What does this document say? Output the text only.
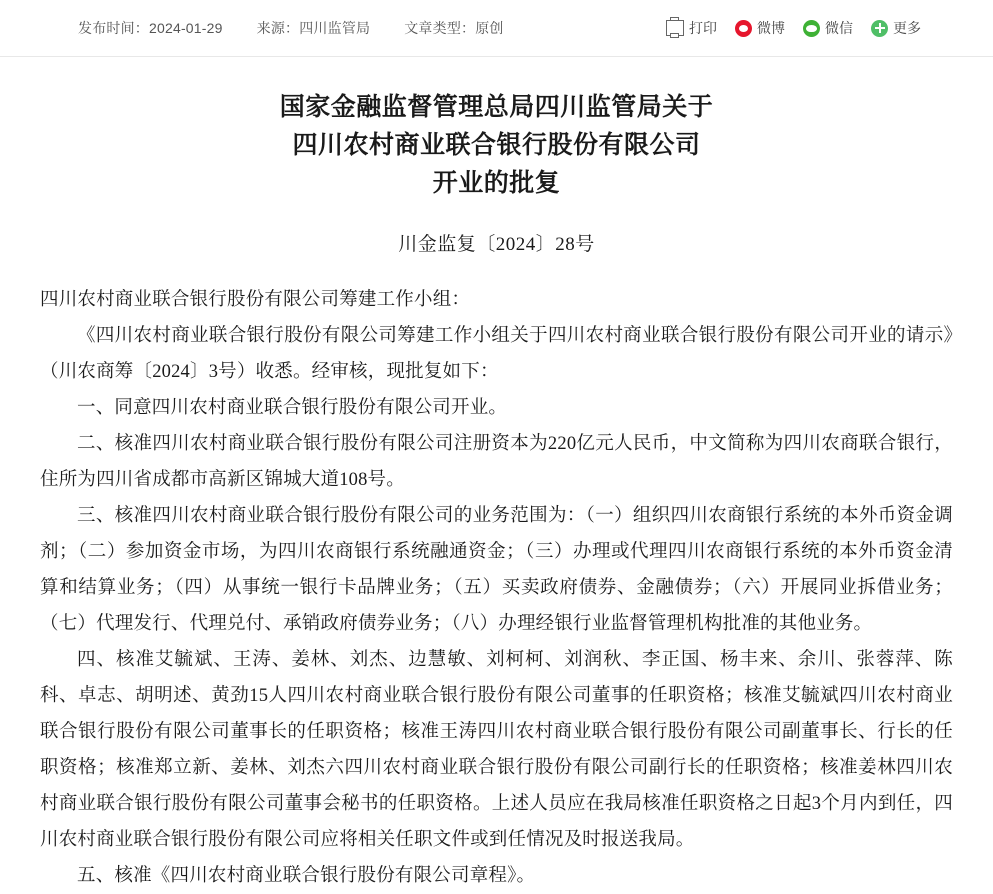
发布时间：2024-01-29 来源：四川监管局 文章类型：原创	打印	微博	微信	更多
国家金融监督管理总局四川监管局关于
四川农村商业联合银行股份有限公司
开业的批复
川金监复〔2024〕28号

四川农村商业联合银行股份有限公司筹建工作小组：

《四川农村商业联合银行股份有限公司筹建工作小组关于四川农村商业联合银行股份有限公司开业的请示》（川农商筹〔2024〕3号）收悉。经审核，现批复如下：

一、同意四川农村商业联合银行股份有限公司开业。

二、核准四川农村商业联合银行股份有限公司注册资本为220亿元人民币，中文简称为四川农商联合银行，住所为四川省成都市高新区锦城大道108号。

三、核准四川农村商业联合银行股份有限公司的业务范围为：（一）组织四川农商银行系统的本外币资金调剂；（二）参加资金市场，为四川农商银行系统融通资金；（三）办理或代理四川农商银行系统的本外币资金清算和结算业务；（四）从事统一银行卡品牌业务；（五）买卖政府债券、金融债券；（六）开展同业拆借业务；（七）代理发行、代理兑付、承销政府债券业务；（八）办理经银行业监督管理机构批准的其他业务。

四、核准艾毓斌、王涛、姜林、刘杰、边慧敏、刘柯柯、刘润秋、李正国、杨丰来、余川、张蓉萍、陈科、卓志、胡明述、黄劲15人四川农村商业联合银行股份有限公司董事的任职资格；核准艾毓斌四川农村商业联合银行股份有限公司董事长的任职资格；核准王涛四川农村商业联合银行股份有限公司副董事长、行长的任职资格；核准郑立新、姜林、刘杰六四川农村商业联合银行股份有限公司副行长的任职资格；核准姜林四川农村商业联合银行股份有限公司董事会秘书的任职资格。上述人员应在我局核准任职资格之日起3个月内到任，四川农村商业联合银行股份有限公司应将相关任职文件或到任情况及时报送我局。

五、核准《四川农村商业联合银行股份有限公司章程》。
